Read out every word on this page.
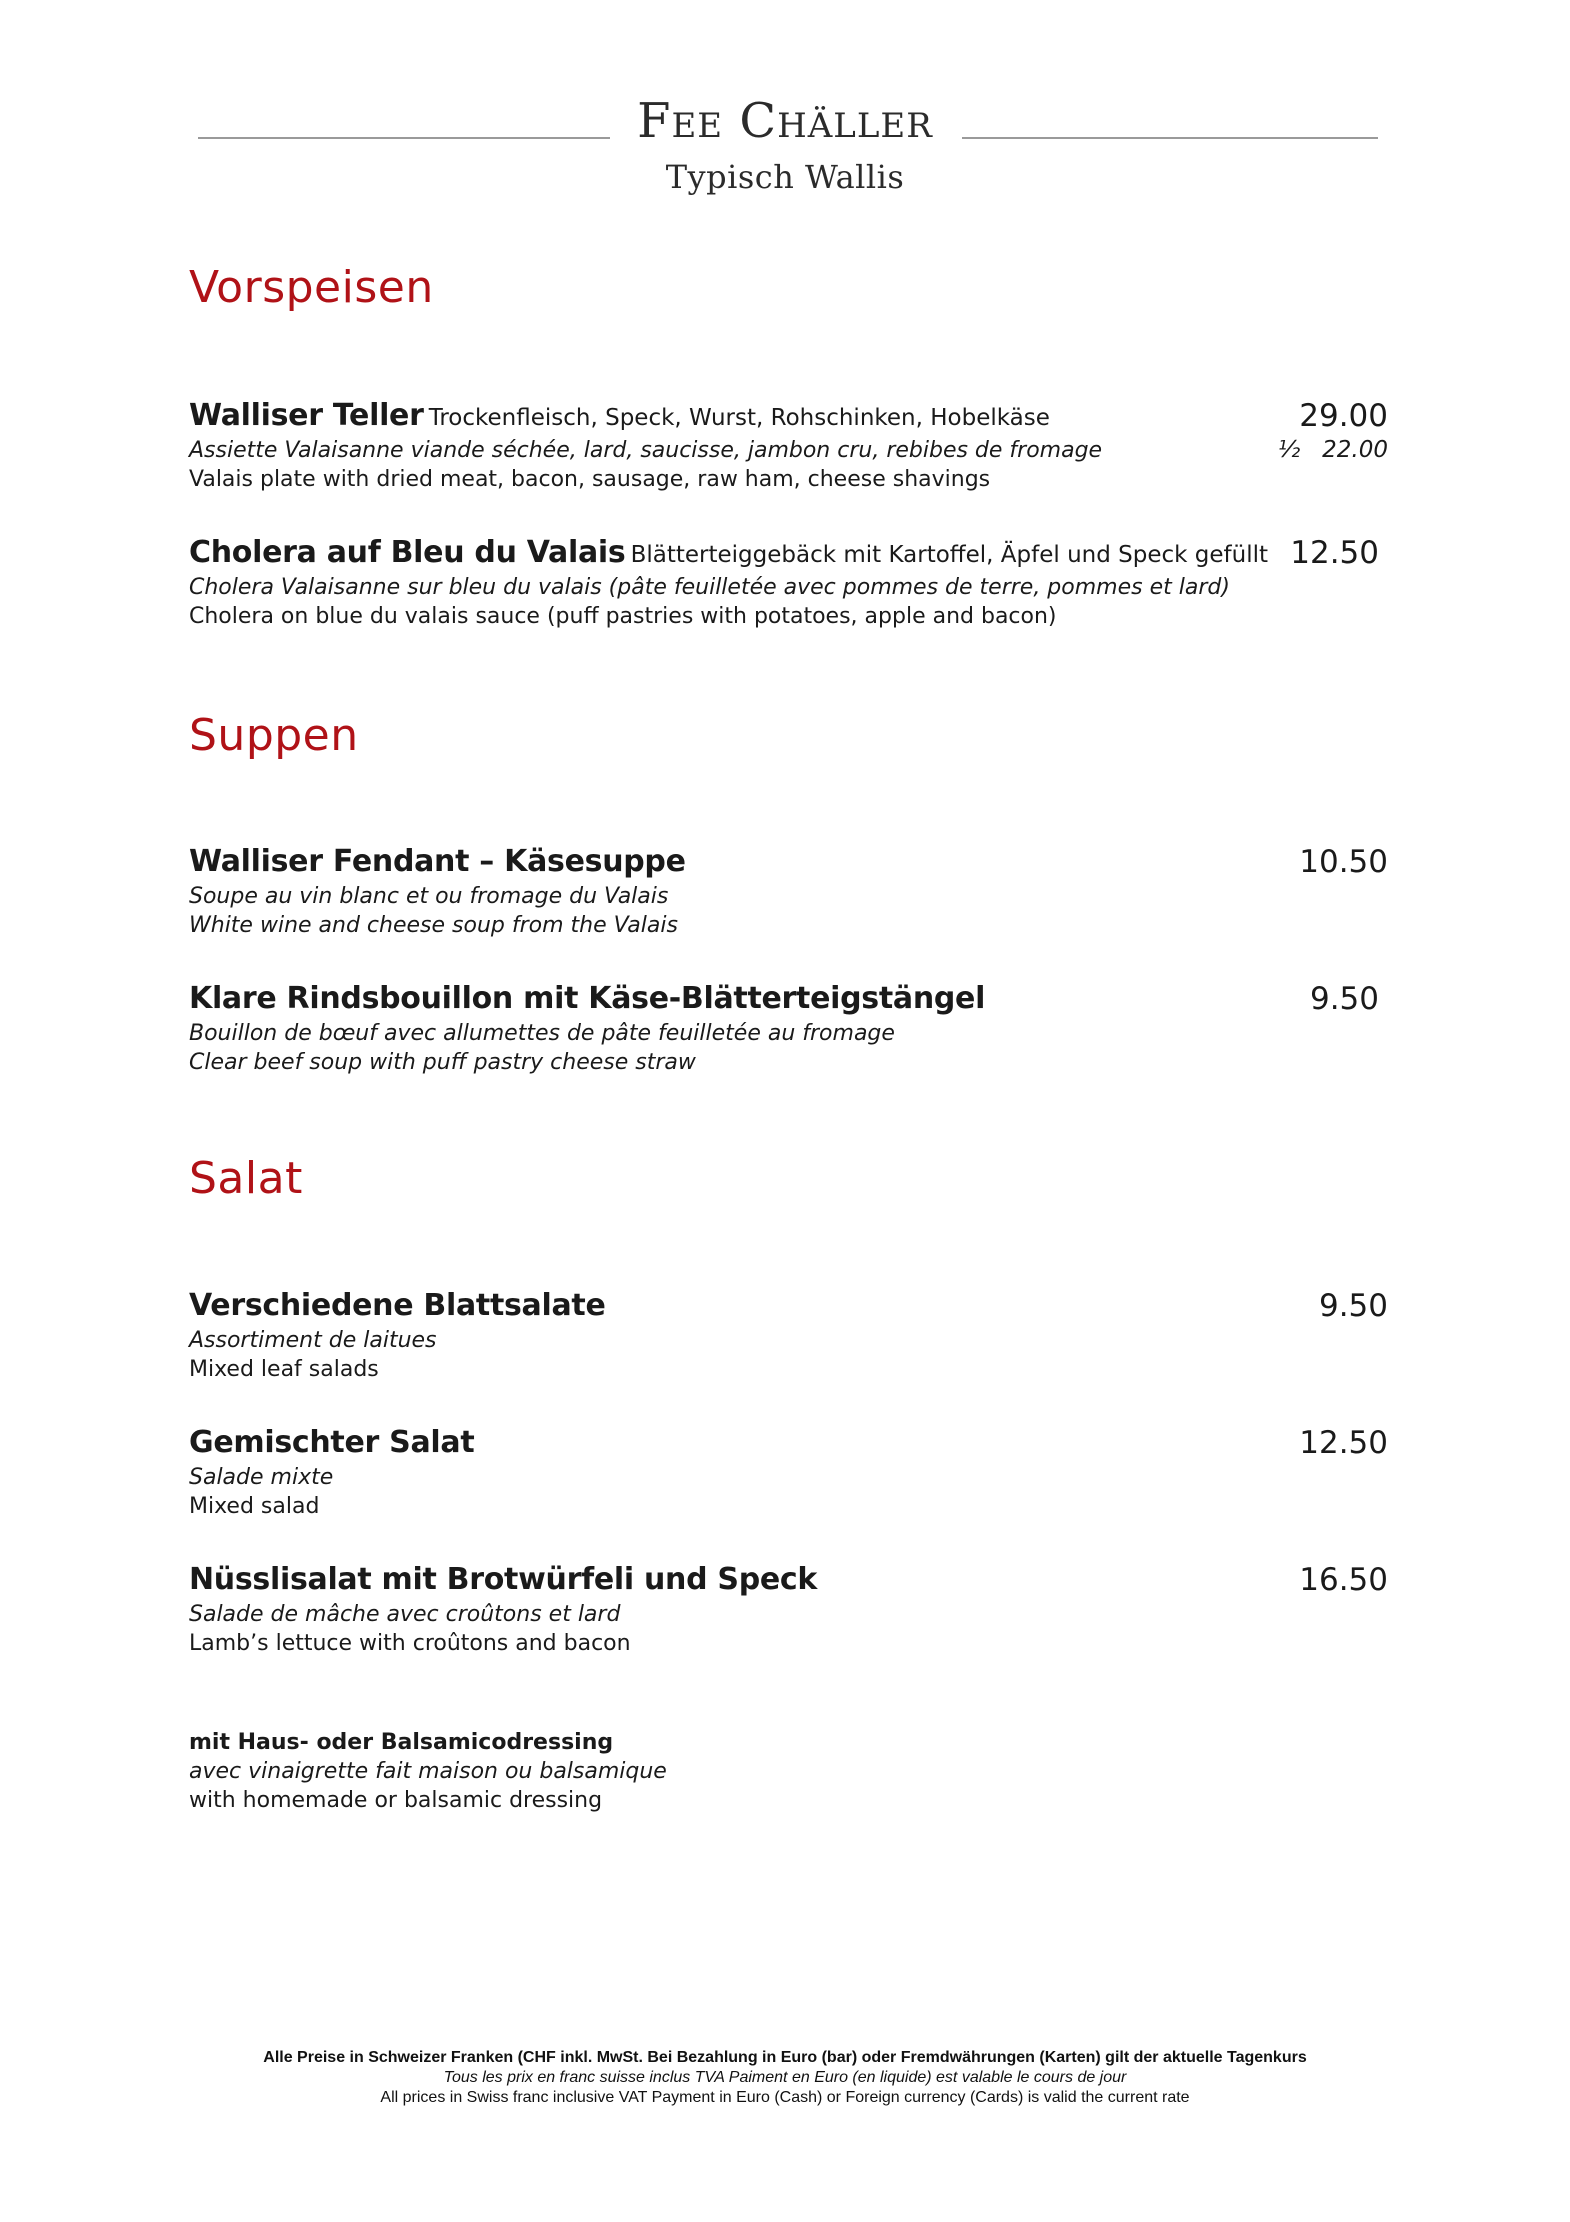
Fee Chäller
Typisch Wallis
Vorspeisen
Walliser Teller Trockenfleisch, Speck, Wurst, Rohschinken, Hobelkäse	29.00
Assiette Valaisanne viande séchée, lard, saucisse, jambon cru, rebibes de fromage	½ 22.00
Valais plate with dried meat, bacon, sausage, raw ham, cheese shavings
Cholera auf Bleu du Valais Blätterteiggebäck mit Kartoffel, Äpfel und Speck gefüllt 12.50
Cholera Valaisanne sur bleu du valais (pâte feuilletée avec pommes de terre, pommes et lard)
Cholera on blue du valais sauce (puff pastries with potatoes, apple and bacon)
Suppen
Walliser Fendant – Käsesuppe	10.50
Soupe au vin blanc et ou fromage du Valais
White wine and cheese soup from the Valais
Klare Rindsbouillon mit Käse-Blätterteigstängel	9.50
Bouillon de bœuf avec allumettes de pâte feuilletée au fromage
Clear beef soup with puff pastry cheese straw
Salat
Verschiedene Blattsalate	9.50
Assortiment de laitues
Mixed leaf salads
Gemischter Salat	12.50
Salade mixte
Mixed salad
Nüsslisalat mit Brotwürfeli und Speck	16.50
Salade de mâche avec croûtons et lard
Lamb’s lettuce with croûtons and bacon
mit Haus- oder Balsamicodressing
avec vinaigrette fait maison ou balsamique
with homemade or balsamic dressing
Alle Preise in Schweizer Franken (CHF inkl. MwSt. Bei Bezahlung in Euro (bar) oder Fremdwährungen (Karten) gilt der aktuelle Tagenkurs
Tous les prix en franc suisse inclus TVA Paiment en Euro (en liquide) est valable le cours de jour
All prices in Swiss franc inclusive VAT Payment in Euro (Cash) or Foreign currency (Cards) is valid the current rate
